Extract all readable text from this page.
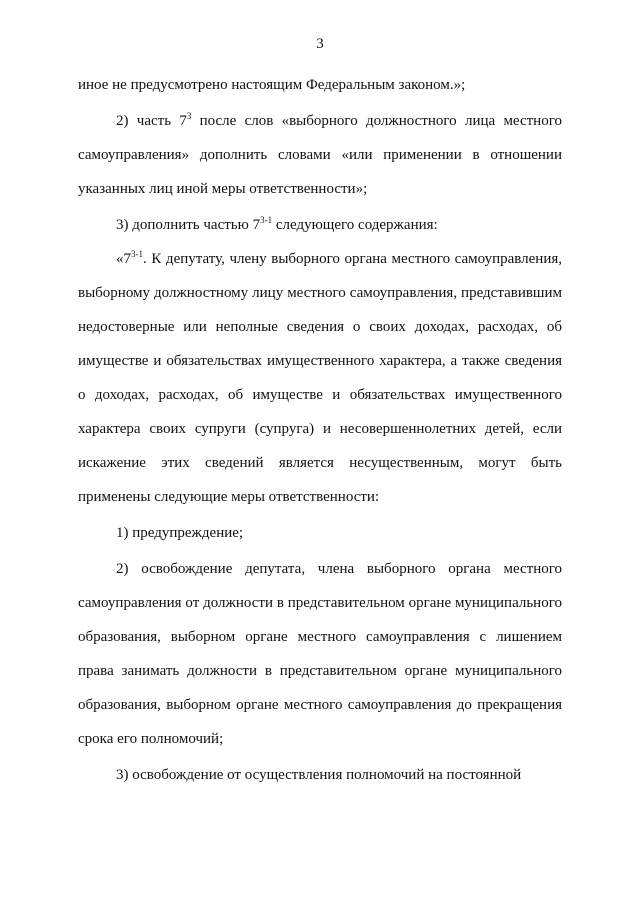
3

иное не предусмотрено настоящим Федеральным законом.»;

2) часть $7^3$ после слов «выборного должностного лица местного самоуправления» дополнить словами «или применении в отношении указанных лиц иной меры ответственности»;

3) дополнить частью 7$^{3-1}$ следующего содержания:

«7$^{3-1}$. К депутату, члену выборного органа местного самоуправления, выборному должностному лицу местного самоуправления, представившим недостоверные или неполные сведения о своих доходах, расходах, об имуществе и обязательствах имущественного характера, а также сведения о доходах, расходах, об имуществе и обязательствах имущественного характера своих супруги (супруга) и несовершеннолетних детей, если искажение этих сведений является несущественным, могут быть применены следующие меры ответственности:

1) предупреждение;

2) освобождение депутата, члена выборного органа местного самоуправления от должности в представительном органе муниципального образования, выборном органе местного самоуправления с лишением права занимать должности в представительном органе муниципального образования, выборном органе местного самоуправления до прекращения срока его полномочий;

3) освобождение от осуществления полномочий на постоянной
